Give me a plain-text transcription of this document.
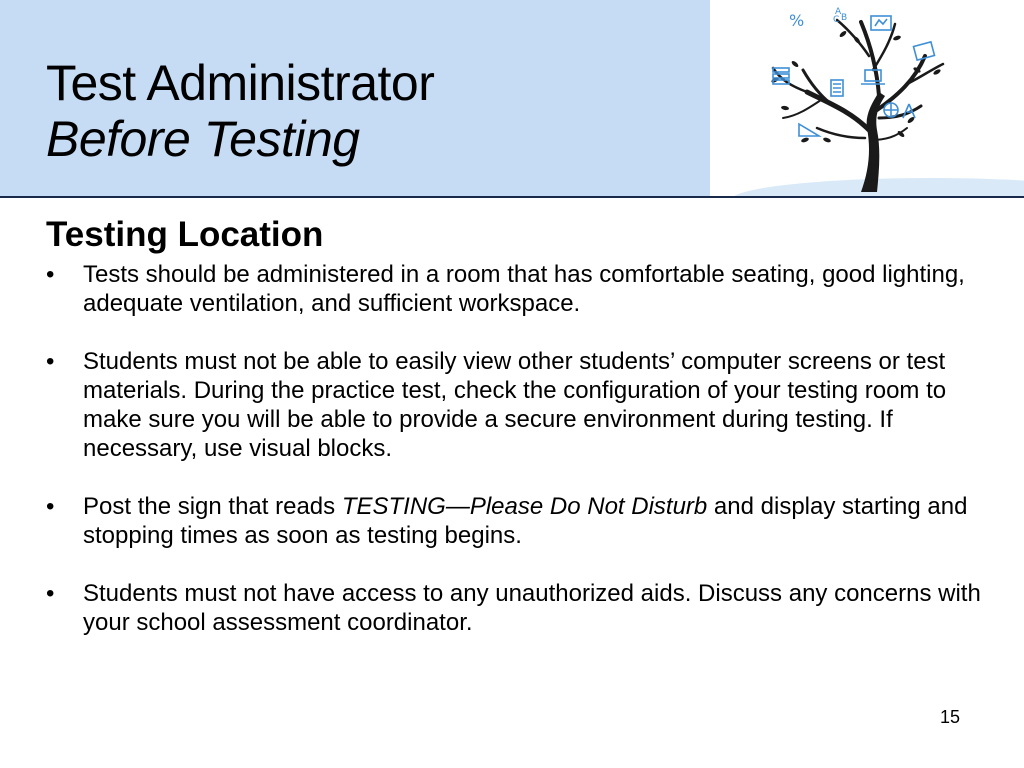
Test Administrator
Before Testing
%	A
C B
Testing Location
• Tests should be administered in a room that has comfortable seating, good lighting, adequate ventilation, and sufficient workspace.
• Students must not be able to easily view other students’ computer screens or test materials. During the practice test, check the configuration of your testing room to make sure you will be able to provide a secure environment during testing. If necessary, use visual blocks.
• Post the sign that reads TESTING—Please Do Not Disturb and display starting and stopping times as soon as testing begins.
• Students must not have access to any unauthorized aids. Discuss any concerns with your school assessment coordinator.
15
